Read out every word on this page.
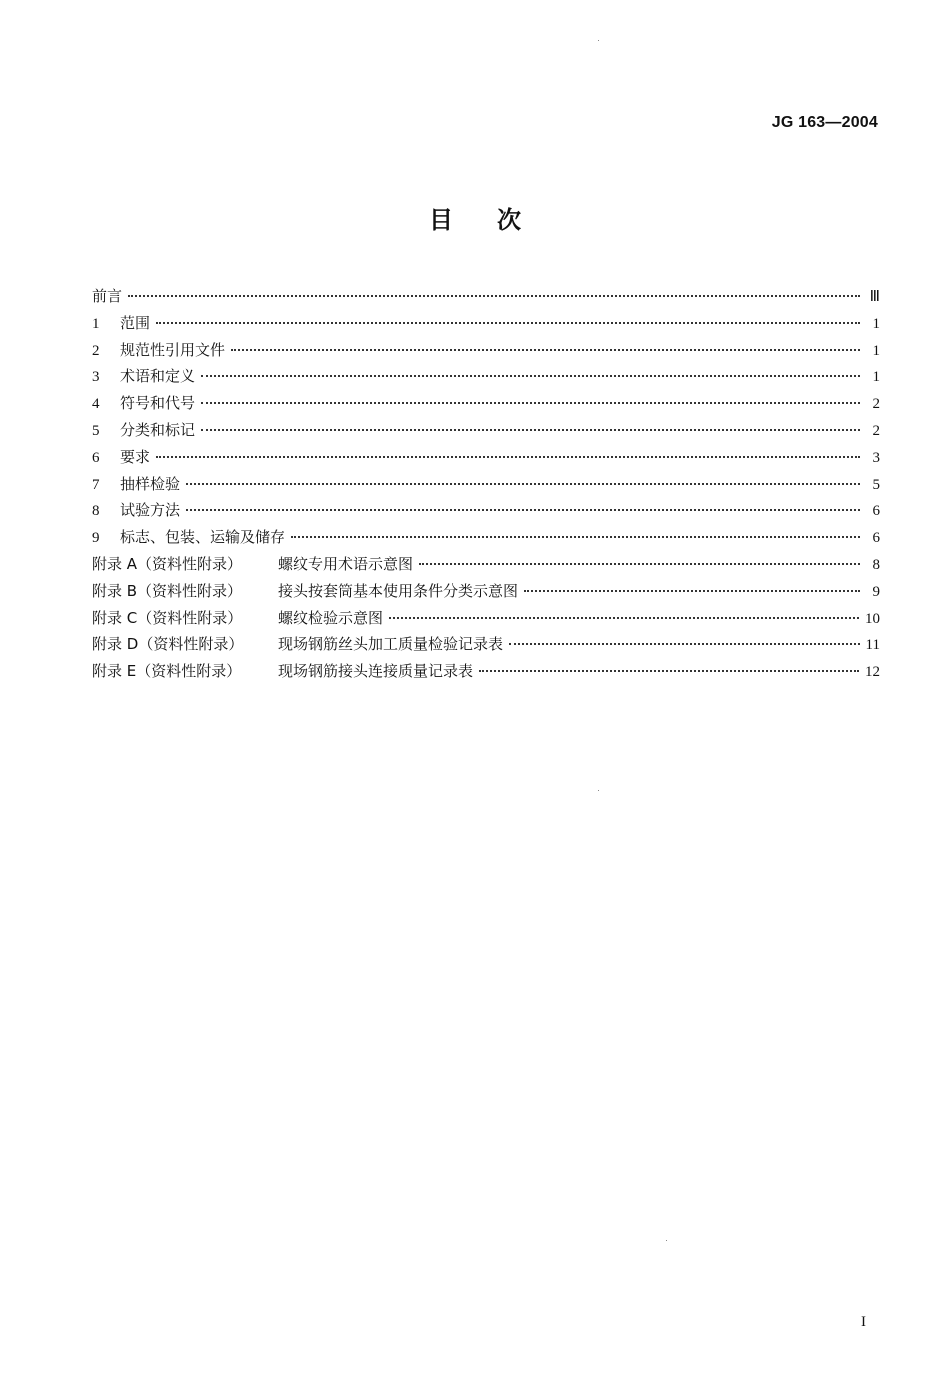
JG 163—2004
目次
前言	Ⅲ
1	范围	1
2	规范性引用文件	1
3	术语和定义	1
4	符号和代号	2
5	分类和标记	2
6	要求	3
7	抽样检验	5
8	试验方法	6
9	标志、包装、运输及储存	6
附录 A（资料性附录）	螺纹专用术语示意图	8
附录 B（资料性附录）	接头按套筒基本使用条件分类示意图	9
附录 C（资料性附录）	螺纹检验示意图	10
附录 D（资料性附录）	现场钢筋丝头加工质量检验记录表	11
附录 E（资料性附录）	现场钢筋接头连接质量记录表	12
I
